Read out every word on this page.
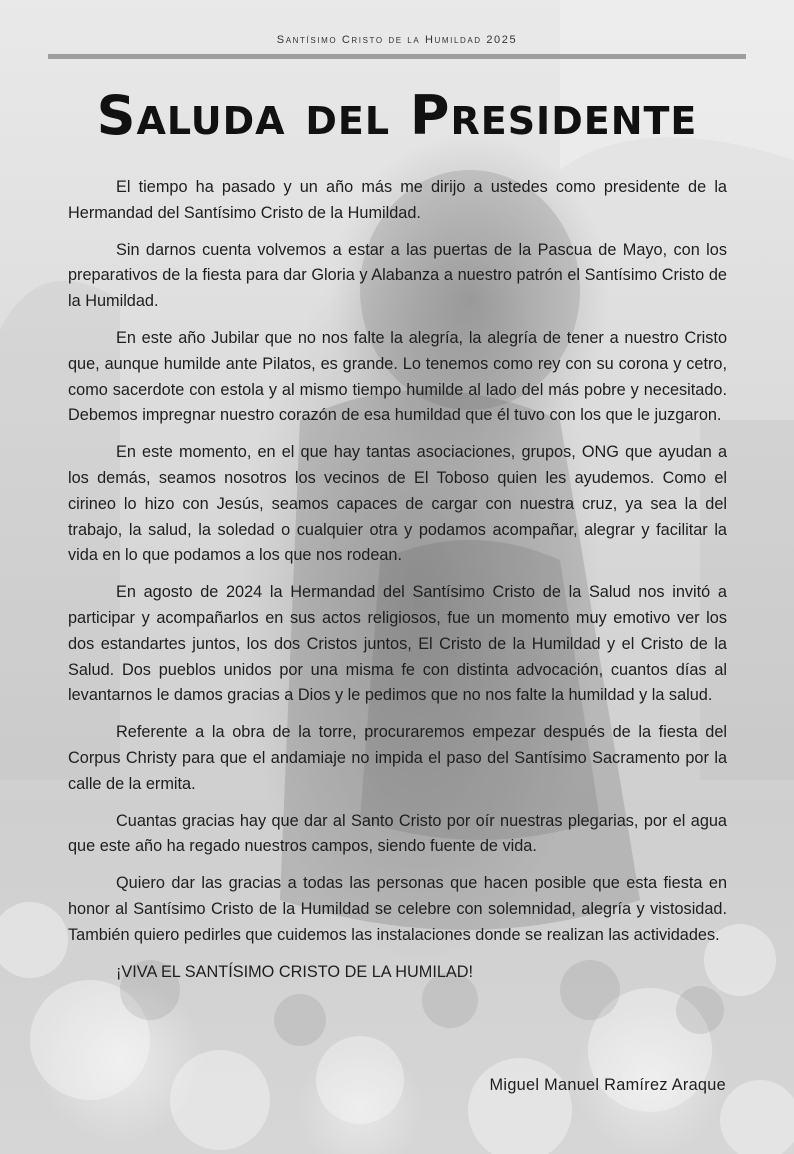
Santísimo Cristo de la Humildad 2025
Saluda del Presidente

El tiempo ha pasado y un año más me dirijo a ustedes como presidente de la Hermandad del Santísimo Cristo de la Humildad.

Sin darnos cuenta volvemos a estar a las puertas de la Pascua de Mayo, con los preparativos de la fiesta para dar Gloria y Alabanza a nuestro patrón el Santísimo Cristo de la Humildad.

En este año Jubilar que no nos falte la alegría, la alegría de tener a nuestro Cristo que, aunque humilde ante Pilatos, es grande. Lo tenemos como rey con su corona y cetro, como sacerdote con estola y al mismo tiempo humilde al lado del más pobre y necesitado. Debemos impregnar nuestro corazón de esa humildad que él tuvo con los que le juzgaron.

En este momento, en el que hay tantas asociaciones, grupos, ONG que ayudan a los demás, seamos nosotros los vecinos de El Toboso quien les ayudemos. Como el cirineo lo hizo con Jesús, seamos capaces de cargar con nuestra cruz, ya sea la del trabajo, la salud, la soledad o cualquier otra y podamos acompañar, alegrar y facilitar la vida en lo que podamos a los que nos rodean.

En agosto de 2024 la Hermandad del Santísimo Cristo de la Salud nos invitó a participar y acompañarlos en sus actos religiosos, fue un momento muy emotivo ver los dos estandartes juntos, los dos Cristos juntos, El Cristo de la Humildad y el Cristo de la Salud. Dos pueblos unidos por una misma fe con distinta advocación, cuantos días al levantarnos le damos gracias a Dios y le pedimos que no nos falte la humildad y la salud.

Referente a la obra de la torre, procuraremos empezar después de la fiesta del Corpus Christy para que el andamiaje no impida el paso del Santísimo Sacramento por la calle de la ermita.

Cuantas gracias hay que dar al Santo Cristo por oír nuestras plegarias, por el agua que este año ha regado nuestros campos, siendo fuente de vida.

Quiero dar las gracias a todas las personas que hacen posible que esta fiesta en honor al Santísimo Cristo de la Humildad se celebre con solemnidad, alegría y vistosidad. También quiero pedirles que cuidemos las instalaciones donde se realizan las actividades.

¡VIVA EL SANTÍSIMO CRISTO DE LA HUMILAD!

Miguel Manuel Ramírez Araque
